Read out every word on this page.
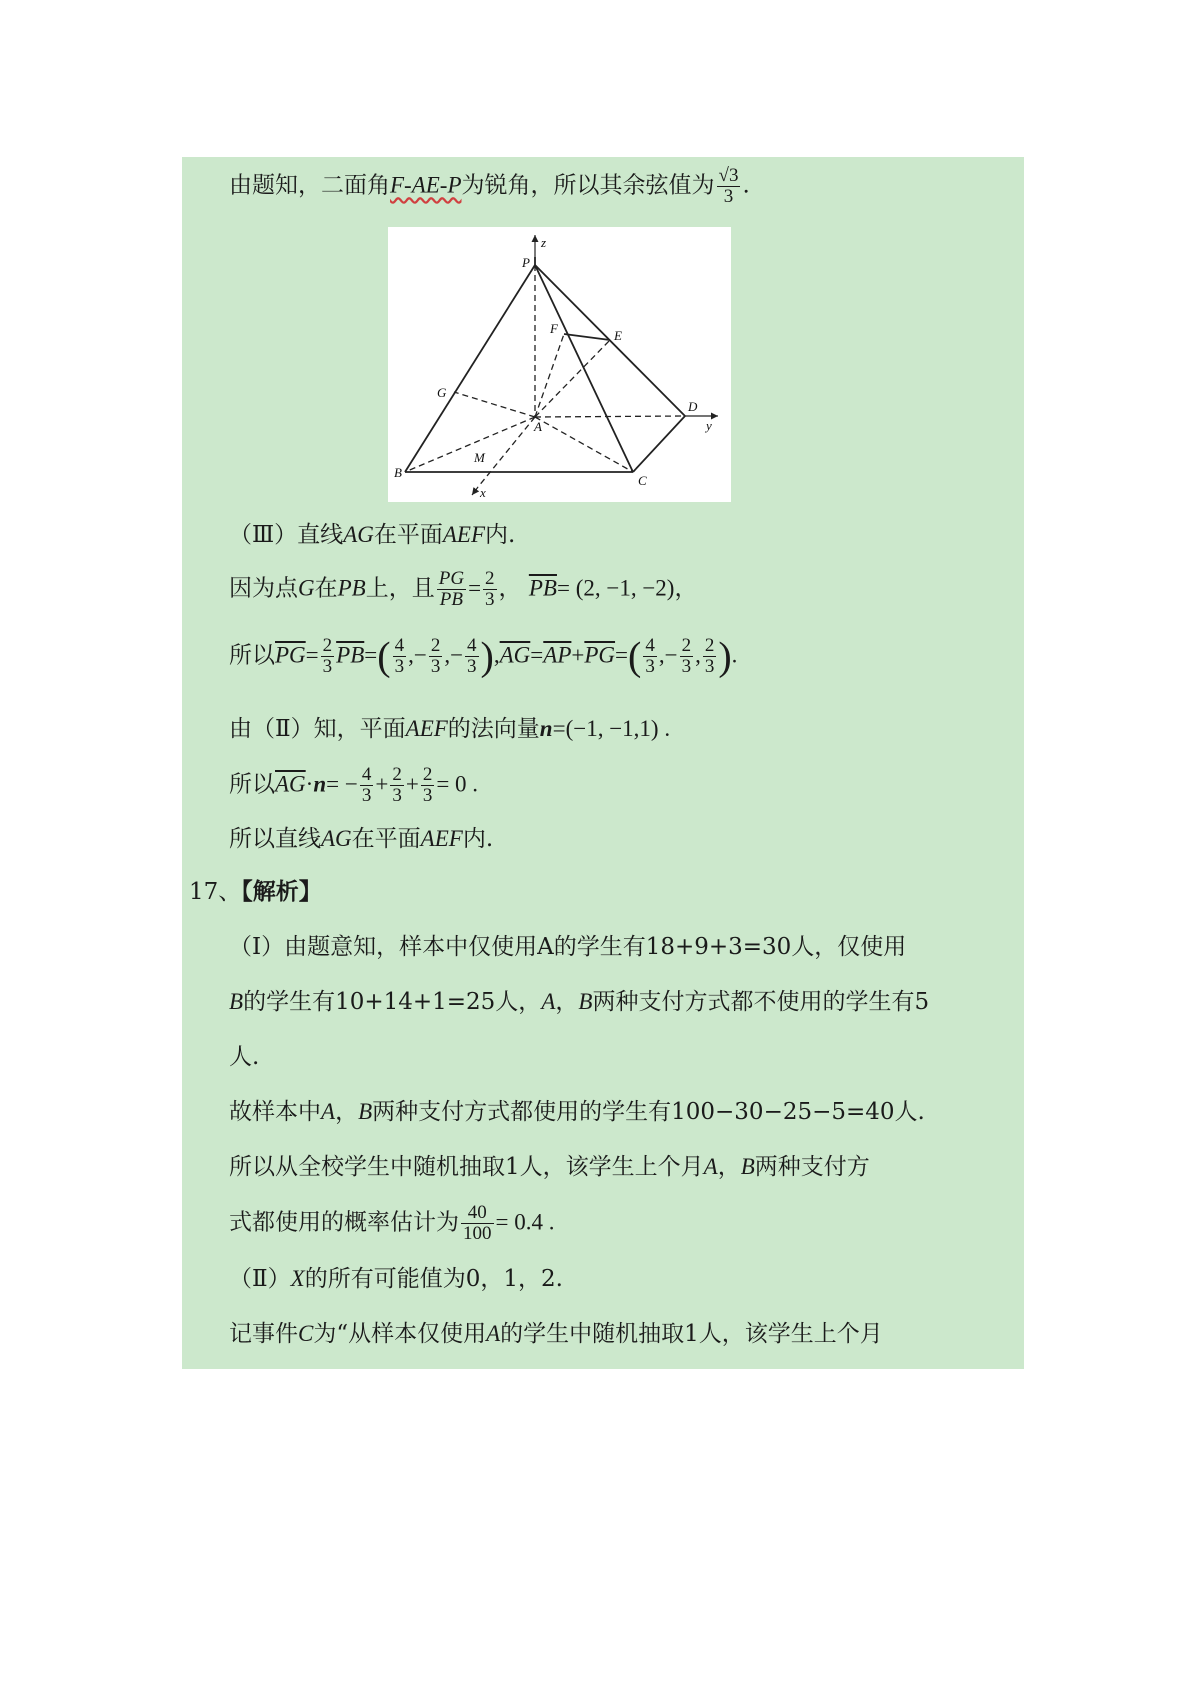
由题知，二面角F-AE-P为锐角，所以其余弦值为 $\frac{√3}{3}$ .
P
z
F	E
G
A
D
y
M
B
C
x
（Ⅲ）直线AG在平面AEF内.
因为点G在PB上，且 $\frac{PG}{PB} = \frac{2}{3}$ ， $\overline{PB}= (2$, −1, −2)，
所以$\overline{PG}= \frac{2}{3} \overline{PB}=( \frac{4}{3}$ ,− $\frac{2}{3}$ ,− $\frac{4}{3} ),\overline{AG}=\overline{AP}+\overline{PG}=( \frac{4}{3}$ ,− $\frac{2}{3}$ , $\frac{2}{3}$ ).
由（Ⅱ）知，平面AEF的法向量n=(−1, −1,1) .
所以$\overline{AG}\cdot n= - \frac{4}{3} + \frac{2}{3} + \frac{2}{3} = 0$ .
所以直线AG在平面AEF内.
17、【解析】
（Ⅰ）由题意知，样本中仅使用A的学生有18+9+3=30人，仅使用
B的学生有10+14+1=25人，A，B两种支付方式都不使用的学生有5
人.
故样本中A，B两种支付方式都使用的学生有100−30−25−5=40人.
所以从全校学生中随机抽取1人，该学生上个月A，B两种支付方
式都使用的概率估计为 $\frac{40}{100} = 0.4$ .
（Ⅱ）X的所有可能值为0，1，2.
记事件C为“从样本仅使用A的学生中随机抽取1人，该学生上个月
